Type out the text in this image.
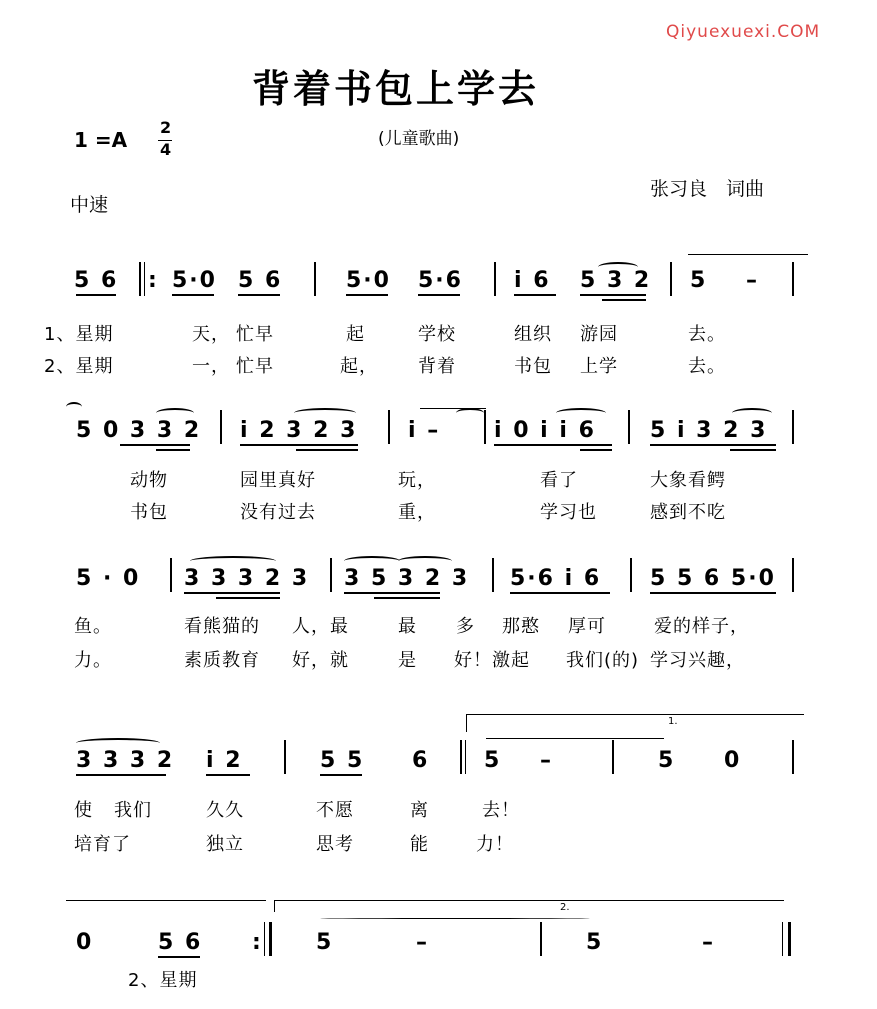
Qiyuexuexi.COM
背着书包上学去
(儿童歌曲)
1 =A
2
4
中速
张习良　词曲
5 6 : 5·0 5 6	5·0 5·6 i 6 5 3 2 5 –
1、星期	天， 忙早	起	学校	组织 游园	去。
2、星期	一， 忙早	起， 背着	书包 上学	去。
5 0 3 3 2 i 2 3 2 3 i – i 0 i i 6 5 i 3 2 3
动物	园里真好	玩，	看了	大象看鳄
书包	没有过去	重，	学习也	感到不吃
5 · 0 3 3 3 2 3 3 5 3 2 3 5·6 i 6 5 5 6 5·0
鱼。	看熊猫的 人，最	最 多 那憨 厚可	爱的样子，
力。	素质教育 好，就	是 好！激起 我们(的) 学习兴趣，
1.
3 3 3 2 i 2	5 5 6 5 –	5 0
使 我们	久久	不愿	离	去！
培育了	独立	思考	能	力！
2.
0	5 6 :	5	–	5	–
2、星期
